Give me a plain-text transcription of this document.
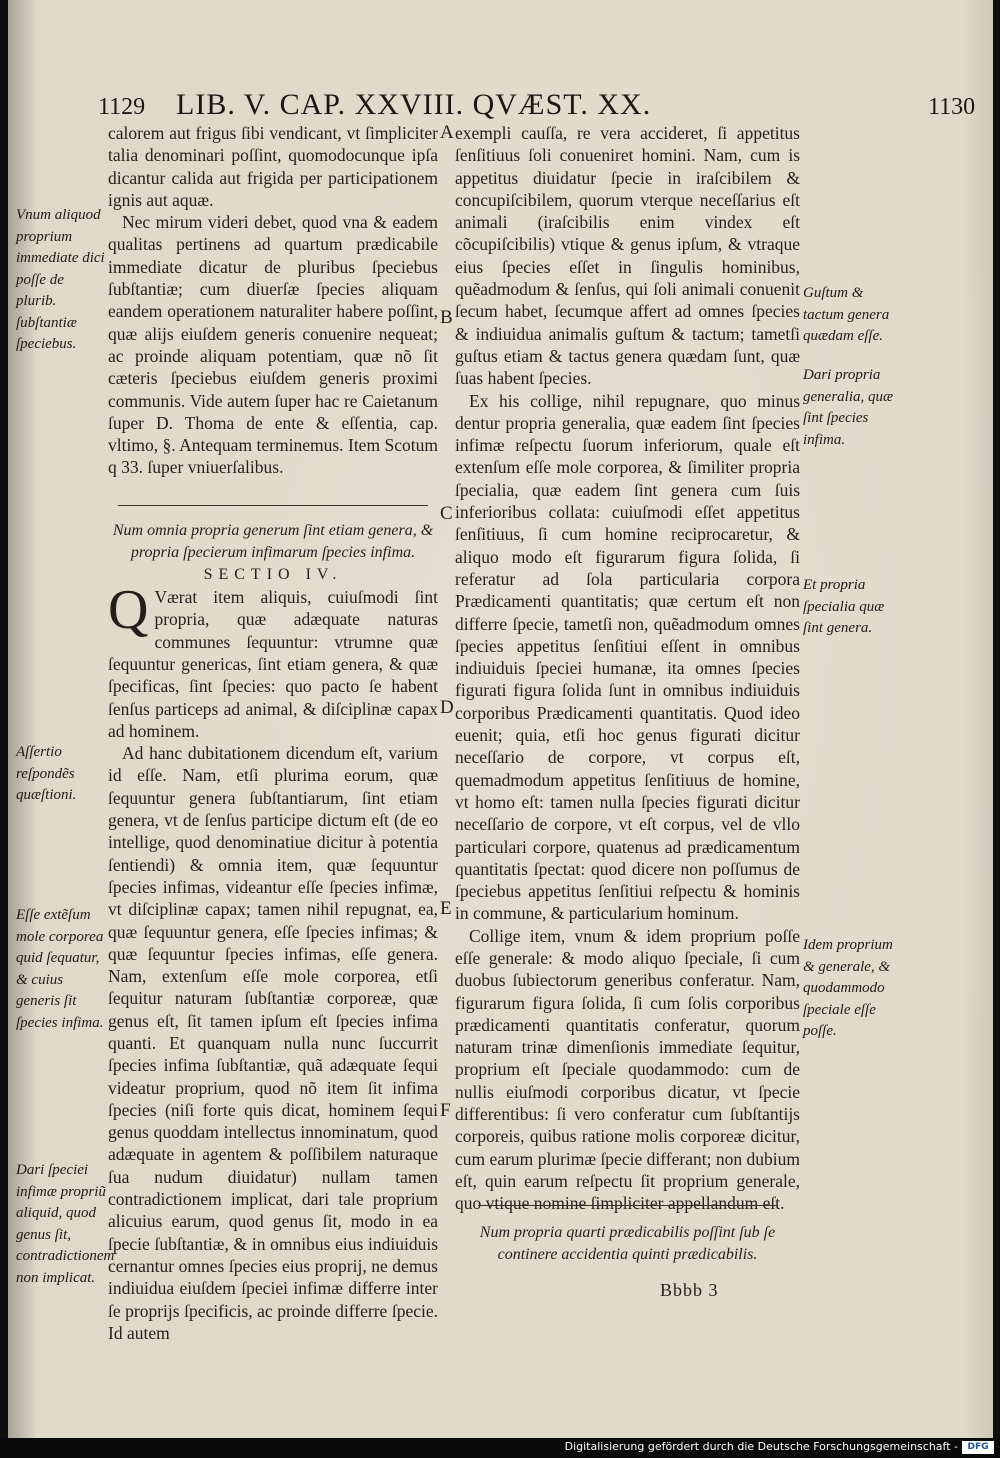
1129 LIB. V. CAP. XXVIII. QVÆST. XX.	1130
Vnum aliquod proprium immediate dici poſſe de plurib. ſubſtantiæ ſpeciebus.
Aſſertio reſpondẽs quæſtioni.
Eſſe extẽſum mole corporea quid ſequatur, & cuius generis ſit ſpecies infima.
Dari ſpeciei infimæ propriũ aliquid, quod genus ſit, contradictionem non implicat.

calorem aut frigus ſibi vendicant, vt ſimpliciter talia denominari poſſint, quomodocunque ipſa dicantur calida aut frigida per participationem ignis aut aquæ.

Nec mirum videri debet, quod vna & eadem qualitas pertinens ad quartum prædicabile immediate dicatur de pluribus ſpeciebus ſubſtantiæ; cum diuerſæ ſpecies aliquam eandem operationem naturaliter habere poſſint, quæ alijs eiuſdem generis conuenire nequeat; ac proinde aliquam potentiam, quæ nõ ſit cæteris ſpeciebus eiuſdem generis proximi communis. Vide autem ſuper hac re Caietanum ſuper D. Thoma de ente & eſſentia, cap. vltimo, §. Antequam terminemus. Item Scotum q 33. ſuper vniuerſalibus.

Num omnia propria generum ſint etiam genera, & propria ſpecierum infimarum ſpecies infima.

SECTIO IV.

Q Værat item aliquis, cuiuſmodi ſint propria, quæ adæquate naturas communes ſequuntur: vtrumne quæ ſequuntur genericas, ſint etiam genera, & quæ ſpecificas, ſint ſpecies: quo pacto ſe habent ſenſus particeps ad animal, & diſciplinæ capax ad hominem.

Ad hanc dubitationem dicendum eſt, varium id eſſe. Nam, etſi plurima eorum, quæ ſequuntur genera ſubſtantiarum, ſint etiam genera, vt de ſenſus participe dictum eſt (de eo intellige, quod denominatiue dicitur à potentia ſentiendi) & omnia item, quæ ſequuntur ſpecies infimas, videantur eſſe ſpecies infimæ, vt diſciplinæ capax; tamen nihil repugnat, ea, quæ ſequuntur genera, eſſe ſpecies infimas; & quæ ſequuntur ſpecies infimas, eſſe genera. Nam, extenſum eſſe mole corporea, etſi ſequitur naturam ſubſtantiæ corporeæ, quæ genus eſt, ſit tamen ipſum eſt ſpecies infima quanti. Et quanquam nulla nunc ſuccurrit ſpecies infima ſubſtantiæ, quã adæquate ſequi videatur proprium, quod nõ item ſit infima ſpecies (niſi forte quis dicat, hominem ſequi genus quoddam intellectus innominatum, quod adæquate in agentem & poſſibilem naturaque ſua nudum diuidatur) nullam tamen contradictionem implicat, dari tale proprium alicuius earum, quod genus ſit, modo in ea ſpecie ſubſtantiæ, & in omnibus eius indiuiduis cernantur omnes ſpecies eius proprij, ne demus indiuidua eiuſdem ſpeciei infimæ differre inter ſe proprijs ſpecificis, ac proinde differre ſpecie. Id autem

A
B
C
D
E
F

exempli cauſſa, re vera accideret, ſi appetitus ſenſitiuus ſoli conueniret homini. Nam, cum is appetitus diuidatur ſpecie in iraſcibilem & concupiſcibilem, quorum vterque neceſſarius eſt animali (iraſcibilis enim vindex eſt cõcupiſcibilis) vtique & genus ipſum, & vtraque eius ſpecies eſſet in ſingulis hominibus, quẽadmodum & ſenſus, qui ſoli animali conuenit ſecum habet, ſecumque affert ad omnes ſpecies & indiuidua animalis guſtum & tactum; tametſi guſtus etiam & tactus genera quædam ſunt, quæ ſuas habent ſpecies.

Ex his collige, nihil repugnare, quo minus dentur propria generalia, quæ eadem ſint ſpecies infimæ reſpectu ſuorum inferiorum, quale eſt extenſum eſſe mole corporea, & ſimiliter propria ſpecialia, quæ eadem ſint genera cum ſuis inferioribus collata: cuiuſmodi eſſet appetitus ſenſitiuus, ſi cum homine reciprocaretur, & aliquo modo eſt figurarum figura ſolida, ſi referatur ad ſola particularia corpora Prædicamenti quantitatis; quæ certum eſt non differre ſpecie, tametſi non, quẽadmodum omnes ſpecies appetitus ſenſitiui eſſent in omnibus indiuiduis ſpeciei humanæ, ita omnes ſpecies figurati figura ſolida ſunt in omnibus indiuiduis corporibus Prædicamenti quantitatis. Quod ideo euenit; quia, etſi hoc genus figurati dicitur neceſſario de corpore, vt corpus eſt, quemadmodum appetitus ſenſitiuus de homine, vt homo eſt: tamen nulla ſpecies figurati dicitur neceſſario de corpore, vt eſt corpus, vel de vllo particulari corpore, quatenus ad prædicamentum quantitatis ſpectat: quod dicere non poſſumus de ſpeciebus appetitus ſenſitiui reſpectu & hominis in commune, & particularium hominum.

Collige item, vnum & idem proprium poſſe eſſe generale: & modo aliquo ſpeciale, ſi cum duobus ſubiectorum generibus conferatur. Nam, figurarum figura ſolida, ſi cum ſolis corporibus prædicamenti quantitatis conferatur, quorum naturam trinæ dimenſionis immediate ſequitur, proprium eſt ſpeciale quodammodo: cum de nullis eiuſmodi corporibus dicatur, vt ſpecie differentibus: ſi vero conferatur cum ſubſtantijs corporeis, quibus ratione molis corporeæ dicitur, cum earum plurimæ ſpecie differant; non dubium eſt, quin earum reſpectu ſit proprium generale, quo vtique nomine ſimpliciter appellandum eſt.

Num propria quarti prædicabilis poſſint ſub ſe continere accidentia quinti prædicabilis.
Bbbb 3
Guſtum & tactum genera quædam eſſe.
Dari propria generalia, quæ ſint ſpecies infima.
Et propria ſpecialia quæ ſint genera.
Idem proprium & generale, & quodammodo ſpeciale eſſe poſſe.
Digitalisierung gefördert durch die Deutsche Forschungsgemeinschaft -	DFG
